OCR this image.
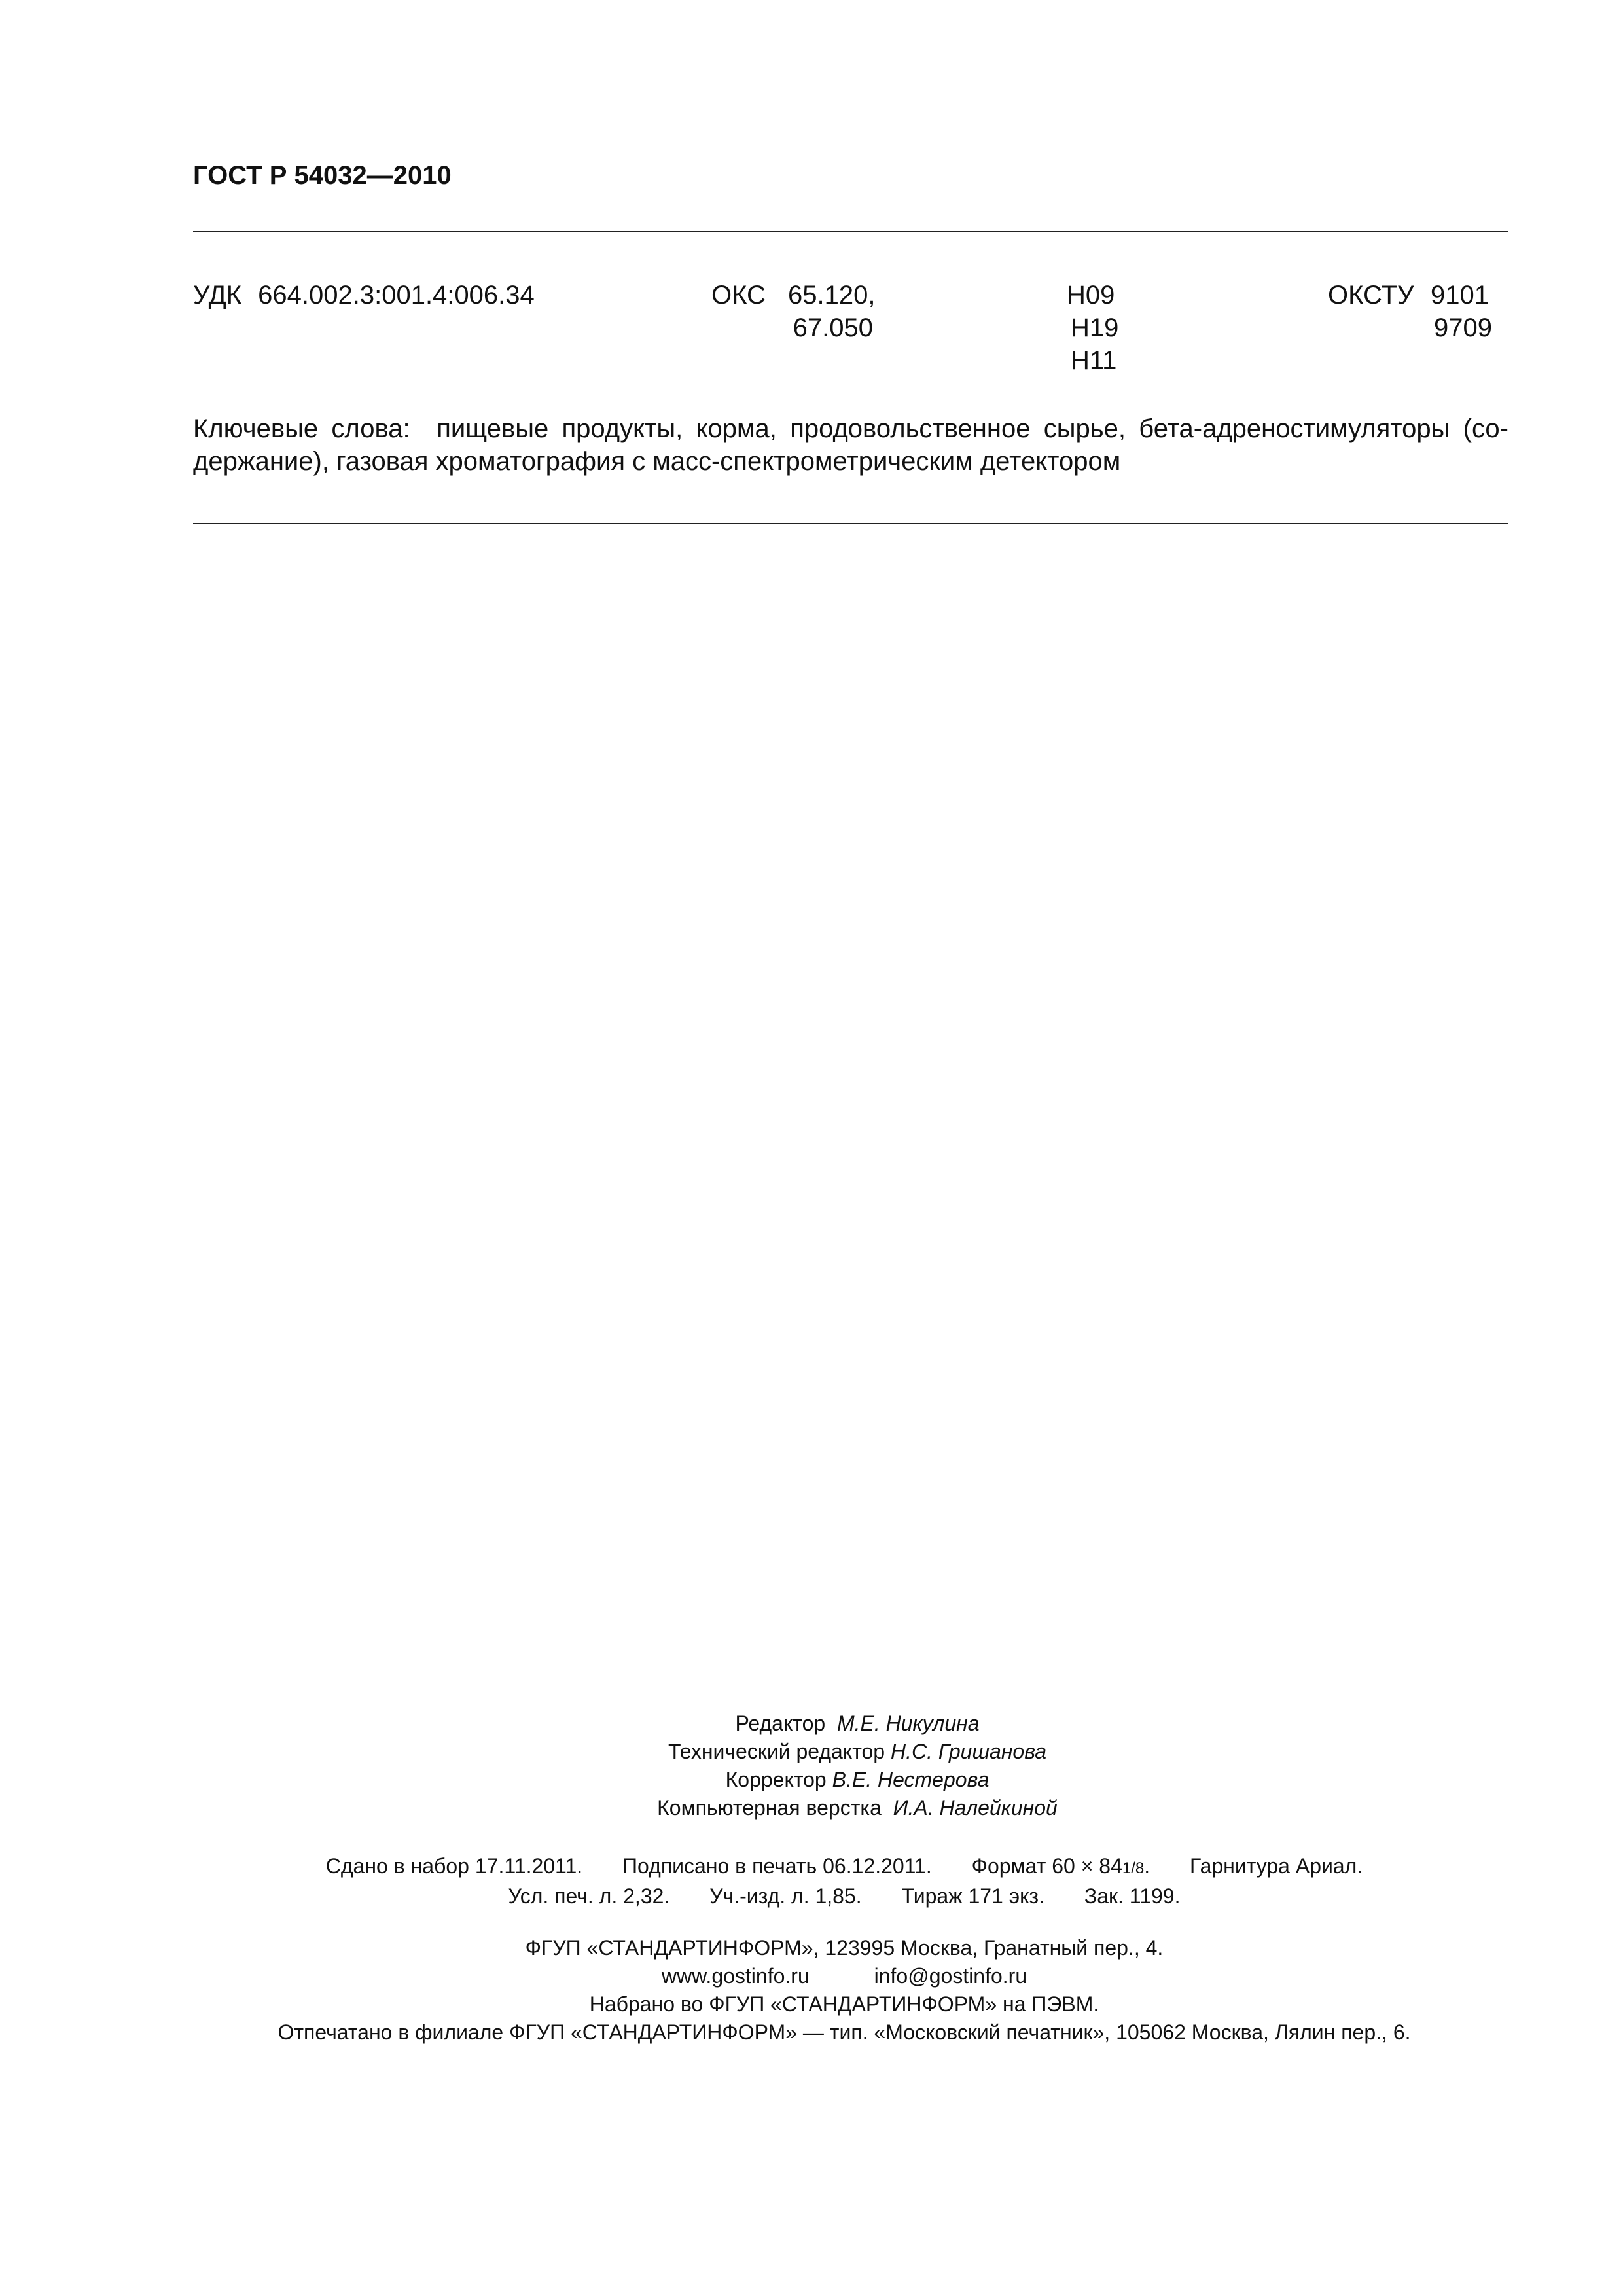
ГОСТ Р 54032—2010
УДК 664.002.3:001.4:006.34	ОКС 65.120,
67.050
Н09
Н19
Н11
ОКСТУ 9101
9709
Ключевые слова: пищевые продукты, корма, продовольственное сырье, бета-адреностимуляторы (со-
держание), газовая хроматография с масс-спектрометрическим детектором
Редактор М.Е. Никулина
Технический редактор Н.С. Гришанова
Корректор В.Е. Нестерова
Компьютерная верстка И.А. Налейкиной
Сдано в набор 17.11.2011. Подписано в печать 06.12.2011. Формат 60 × 841/8. Гарнитура Ариал.
Усл. печ. л. 2,32. Уч.-изд. л. 1,85. Тираж 171 экз. Зак. 1199.
ФГУП «СТАНДАРТИНФОРМ», 123995 Москва, Гранатный пер., 4.
www.gostinfo.ru	info@gostinfo.ru
Набрано во ФГУП «СТАНДАРТИНФОРМ» на ПЭВМ.
Отпечатано в филиале ФГУП «СТАНДАРТИНФОРМ» — тип. «Московский печатник», 105062 Москва, Лялин пер., 6.
